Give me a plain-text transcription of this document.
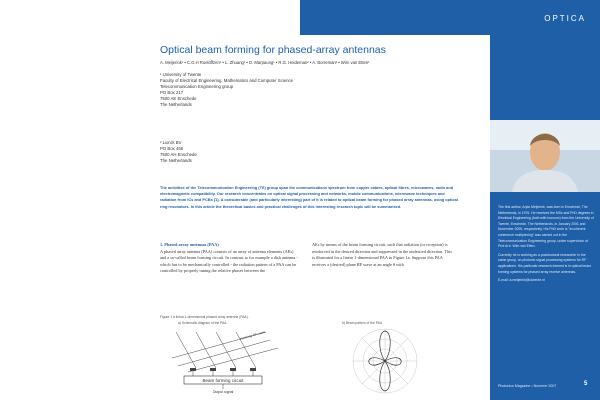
OPTICA
Optical beam forming for phased-array antennas
A. Meijerink¹ • C.G.H Roeloffzen¹ • L. Zhuang¹ • D. Marpaung¹ • R.G. Heideman² • A. Borreman² • Wim van Etten¹
¹ University of Twente
Faculty of Electrical Engineering, Mathematics and Computer Science
Telecommunication Engineering group
PO Box 217
7500 AE Enschede
The Netherlands
² LioniX BV
PO Box 456
7500 AH Enschede
The Netherlands
The activities of the Telecommunication Engineering (TE) group span the communications spectrum from copper cables, optical fibres, microwaves, radio and electromagnetic compatibility. Our research concentrates on optical signal processing and networks, mobile communications, microwave techniques and radiation from ICs and PCBs [1]. A considerable (and particularly interesting) part of it is related to optical beam forming for phased array antennas, using optical ring resonators. In this article the theoretical basics and practical challenges of this interesting research topic will be summarised.
1. Phased array antennas (PAA)
A phased array antenna (PAA) consists of an array of antenna elements (AEs) and a so-called beam forming circuit. In contrast to for example a dish antenna - which has to be mechanically controlled - the radiation pattern of a PAA can be controlled by properly tuning the relative phases between the
AEs by means of the beam forming circuit, such that radiation (or reception) is reinforced in the desired direction and suppressed in the undesired direction. This is illustrated for a linear 1-dimensional PAA in Figure 1a. Suppose this PAA receives a (desired) plane RF wave at an angle θ with
Figure 1 A linear 1-dimensional phased array antenna (PAA).
a) Schematic diagram of the PAA	b) Beam pattern of the PAA
Beam forming circuit
Output signal
incoming RF wave

The first author, Arjan Meijerink, was born in Enschede, The Netherlands, in 1976. He received the MSc and PhD degrees in Electrical Engineering (both with honours) from the University of Twente, Enschede, The Netherlands, in January 2001 and November 2005, respectively. His PhD work is "incoherent coherence multiplexing" was carried out in the Telecommunication Engineering group, under supervision of Prof.dr.ir. Wim van Etten.

Currently he is working as a postdoctoral researcher in the same group, on photonic signal processing systems for RF applications. His particular research interest is in optical beam forming systems for phased array receive antennas.

E-mail: a.meijerink@utwente.nl

Photonics Magazine • Nummer 2007	5
